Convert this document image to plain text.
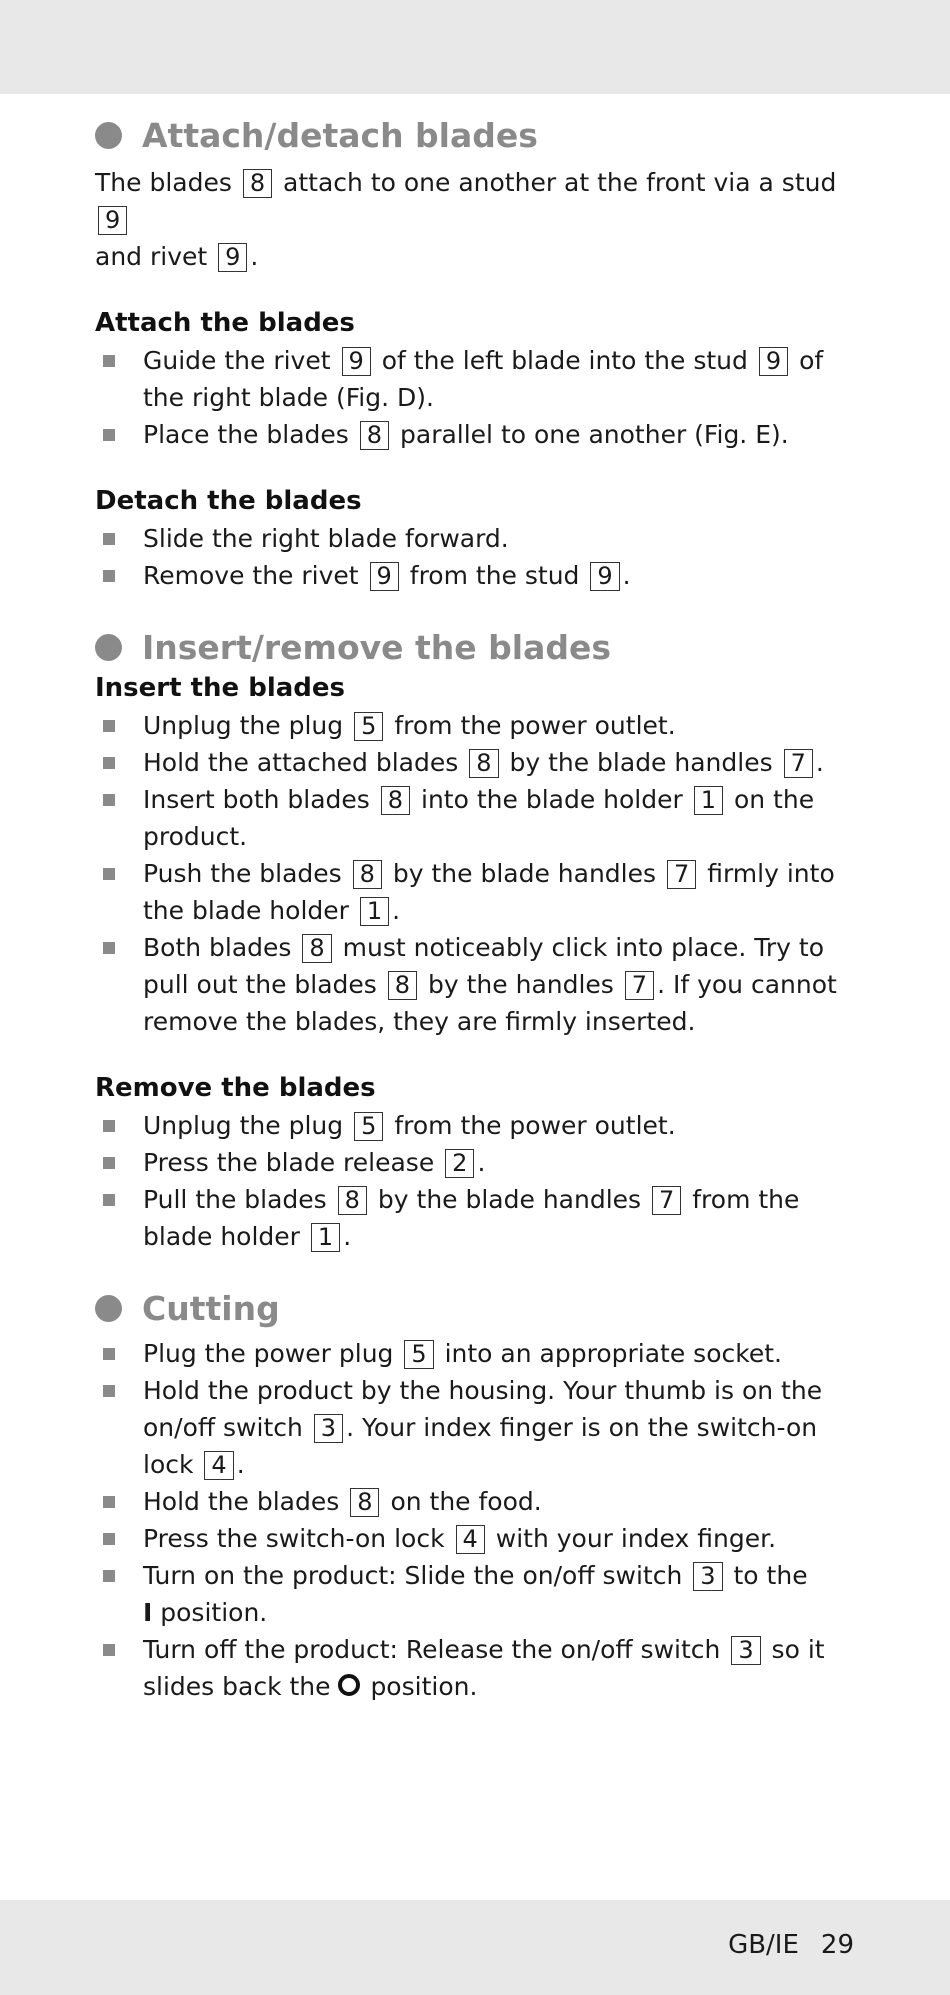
Attach/detach blades

The blades 8 attach to one another at the front via a stud 9
and rivet 9 .

Attach the blades
Guide the rivet 9 of the left blade into the stud 9 of the right blade (Fig. D).
Place the blades 8 parallel to one another (Fig. E).
Detach the blades
Slide the right blade forward.
Remove the rivet 9 from the stud 9 .
Insert/remove the blades
Insert the blades
Unplug the plug 5 from the power outlet.
Hold the attached blades 8 by the blade handles 7 .
Insert both blades 8 into the blade holder 1 on the product.
Push the blades 8 by the blade handles 7 firmly into the blade holder 1 .
Both blades 8 must noticeably click into place. Try to pull out the blades 8 by the handles 7 . If you cannot remove the blades, they are firmly inserted.
Remove the blades
Unplug the plug 5 from the power outlet.
Press the blade release 2 .
Pull the blades 8 by the blade handles 7 from the blade holder 1 .
Cutting
Plug the power plug 5 into an appropriate socket.
Hold the product by the housing. Your thumb is on the on/off switch 3 . Your index finger is on the switch-on lock 4 .
Hold the blades 8 on the food.
Press the switch-on lock 4 with your index finger.
Turn on the product: Slide the on/off switch 3 to the
I position.
Turn off the product: Release the on/off switch 3 so it slides back the position.
GB/IE 29
